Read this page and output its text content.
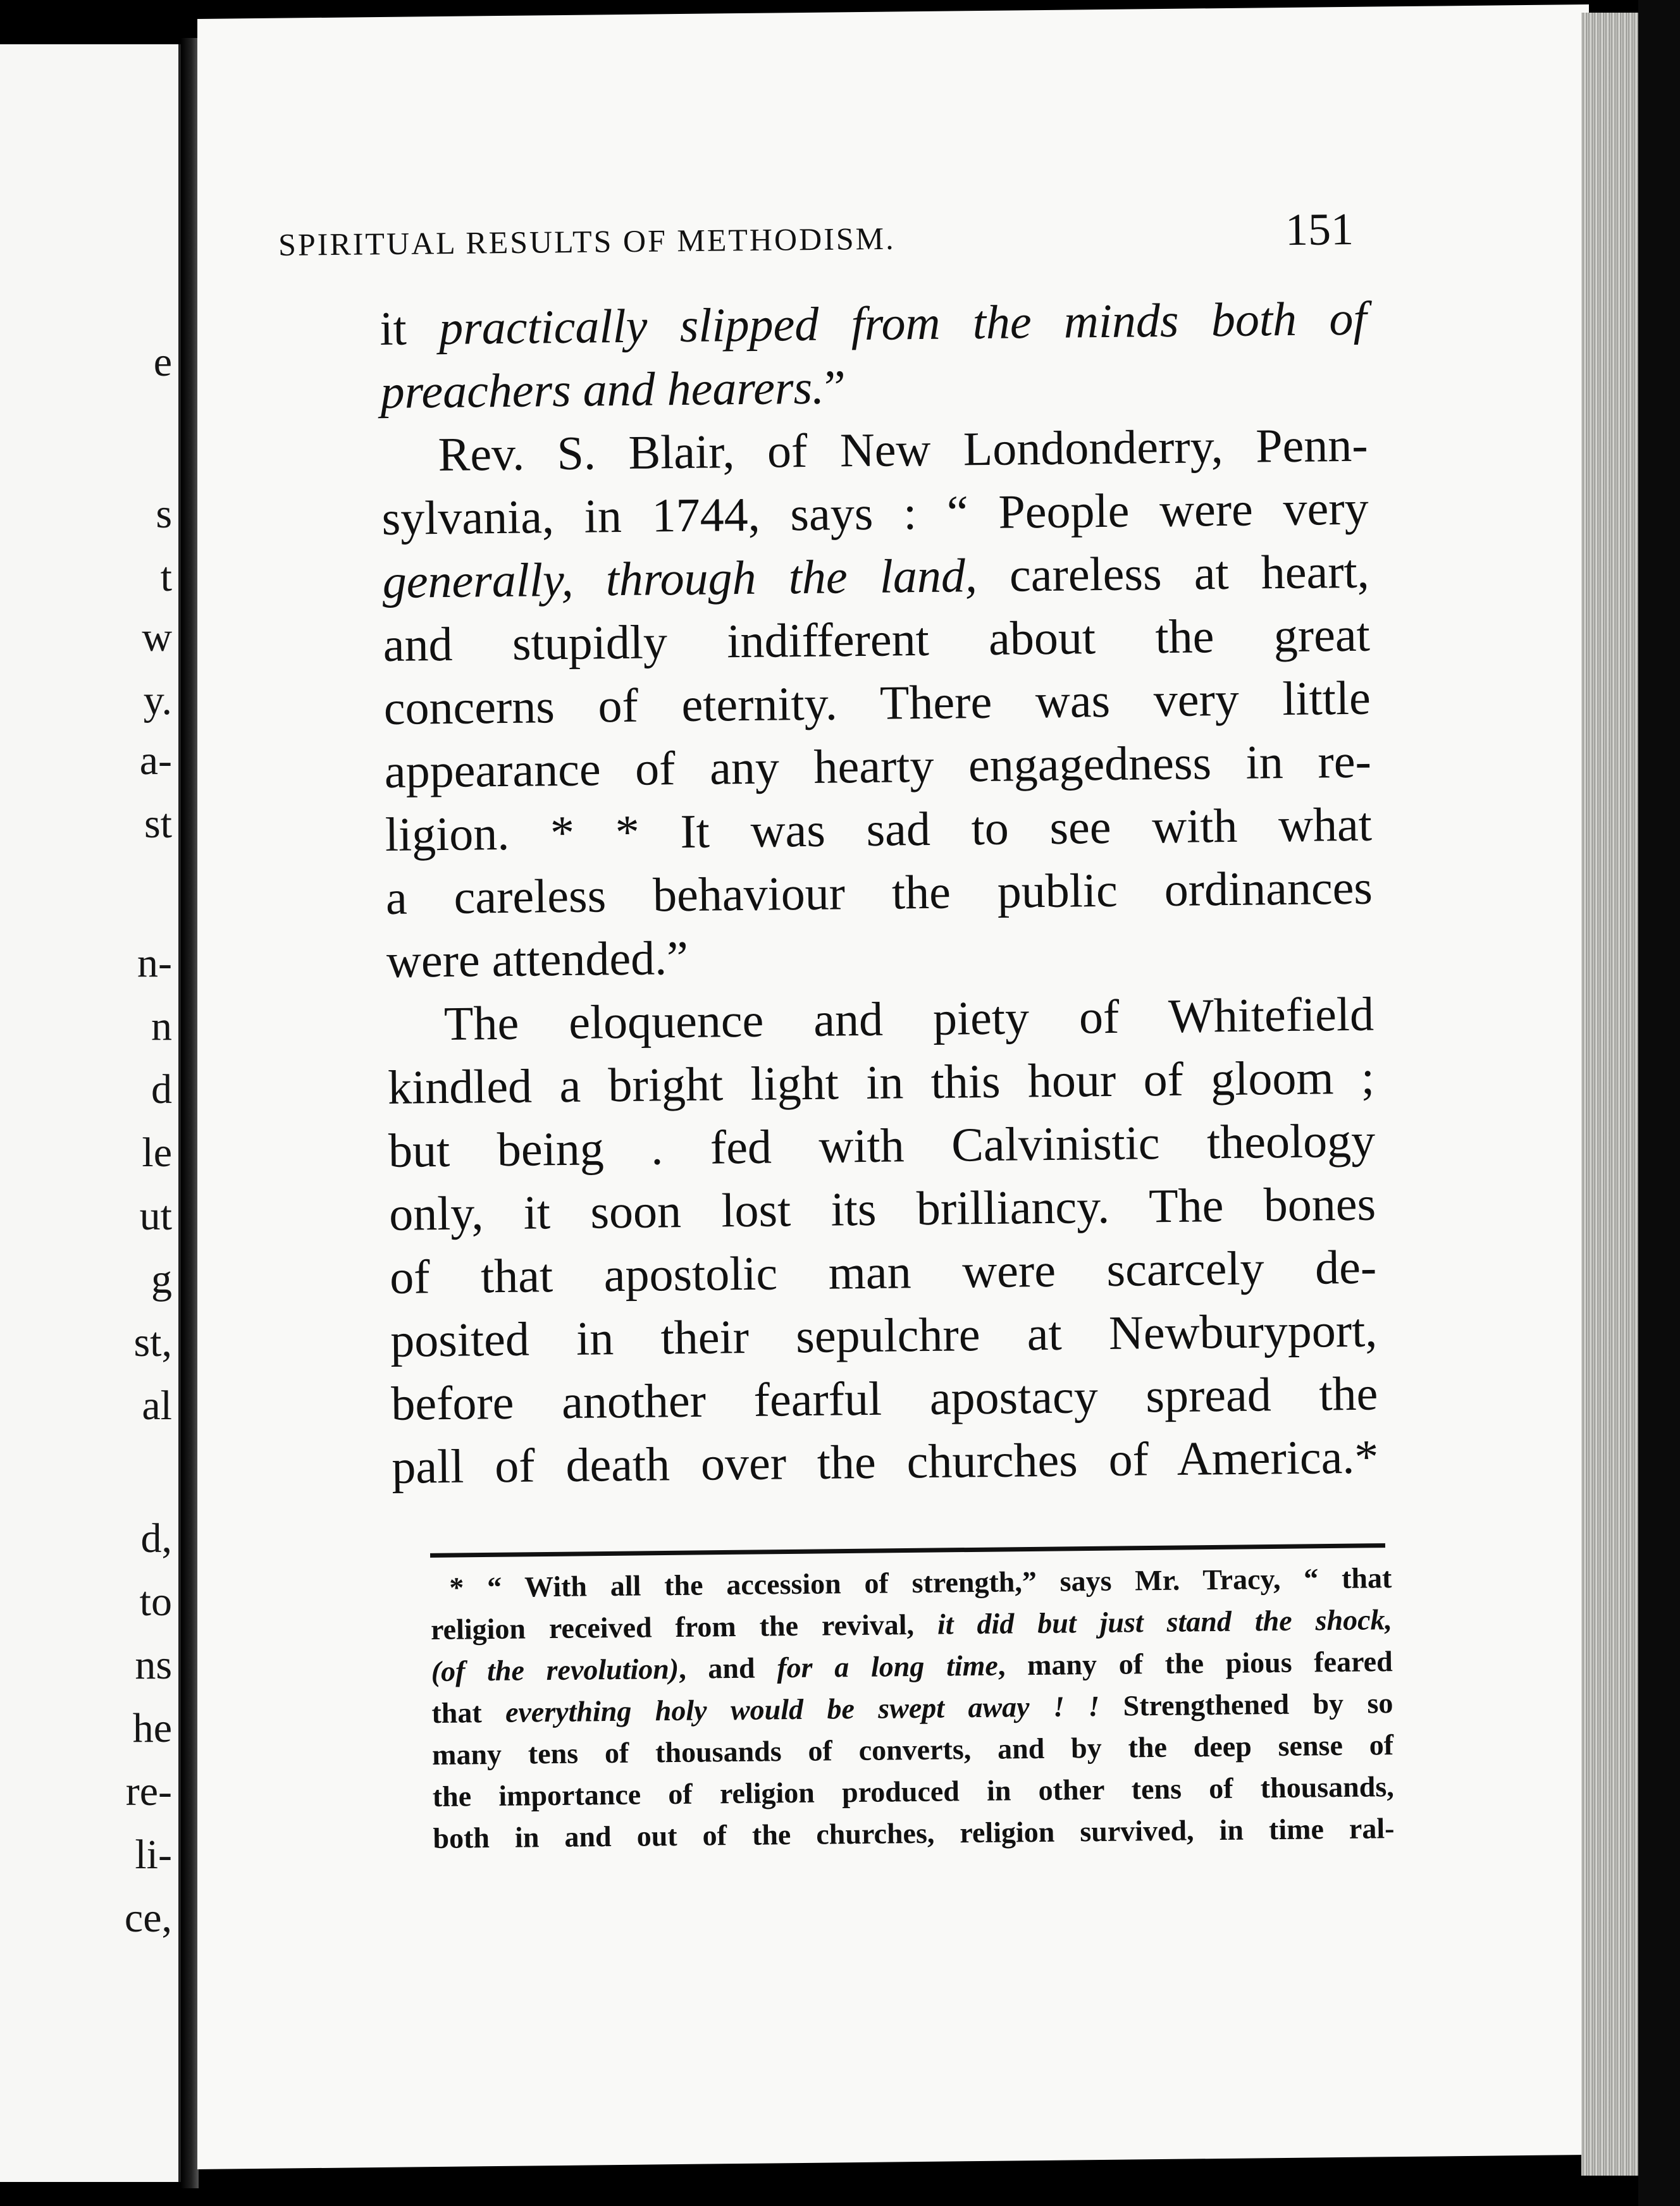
e
s
t
w
y.
a-
st
n-
n
d
le
ut
g
st,
al
d,
to
ns
he
re-
li-
ce,
SPIRITUAL RESULTS OF METHODISM.	151
it practically slipped from the minds both of
preachers and hearers.”
Rev. S. Blair, of New Londonderry, Penn-
sylvania, in 1744, says : “ People were very
generally, through the land, careless at heart,
and stupidly indifferent about the great
concerns of eternity. There was very little
appearance of any hearty engagedness in re-
ligion. * * It was sad to see with what
a careless behaviour the public ordinances
were attended.”
The eloquence and piety of Whitefield
kindled a bright light in this hour of gloom ;
but being . fed with Calvinistic theology
only, it soon lost its brilliancy. The bones
of that apostolic man were scarcely de-
posited in their sepulchre at Newburyport,
before another fearful apostacy spread the
pall of death over the churches of America.*
* “ With all the accession of strength,” says Mr. Tracy, “ that
religion received from the revival, it did but just stand the shock,
(of the revolution), and for a long time, many of the pious feared
that everything holy would be swept away ! ! Strengthened by so
many tens of thousands of converts, and by the deep sense of
the importance of religion produced in other tens of thousands,
both in and out of the churches, religion survived, in time ral-
